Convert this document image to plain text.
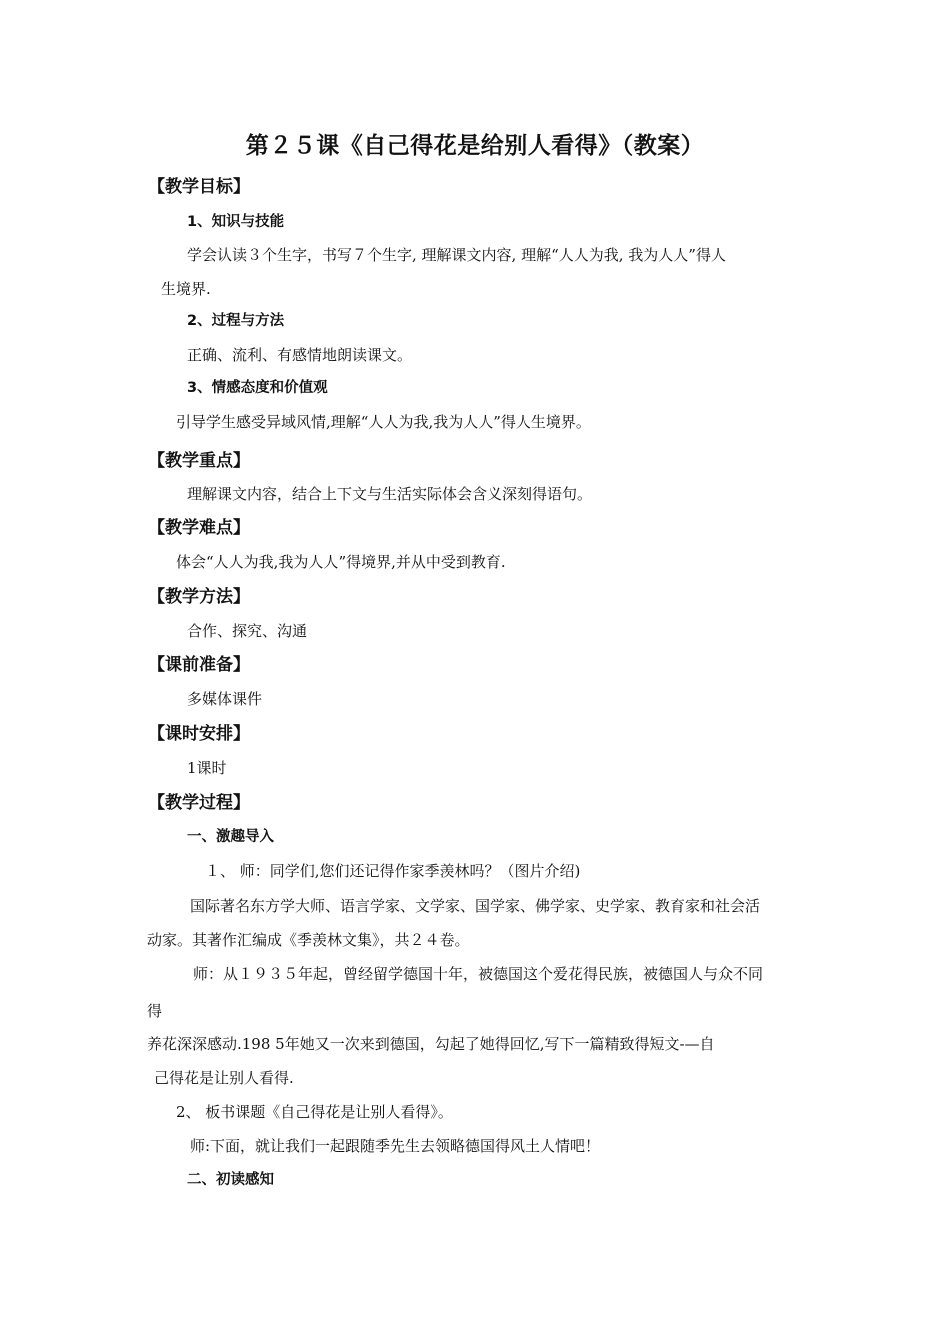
第２５课《自己得花是给别人看得》（教案）
【教学目标】
1、知识与技能
学会认读３个生字，书写７个生字, 理解课文内容, 理解“人人为我, 我为人人”得人
生境界.
2、过程与方法
正确、流利、有感情地朗读课文。
3、情感态度和价值观
引导学生感受异域风情,理解“人人为我,我为人人”得人生境界。
【教学重点】
理解课文内容，结合上下文与生活实际体会含义深刻得语句。
【教学难点】
体会“人人为我,我为人人”得境界,并从中受到教育.
【教学方法】
合作、探究、沟通
【课前准备】
多媒体课件
【课时安排】
1课时
【教学过程】
一、激趣导入
１、 师：同学们,您们还记得作家季羡林吗？（图片介绍)
国际著名东方学大师、语言学家、文学家、国学家、佛学家、史学家、教育家和社会活
动家。其著作汇编成《季羡林文集》，共２４卷。
师：从１９３５年起，曾经留学德国十年，被德国这个爱花得民族，被德国人与众不同
得
养花深深感动.198 5年她又一次来到德国，勾起了她得回忆,写下一篇精致得短文-—自
己得花是让别人看得.
2、 板书课题《自己得花是让别人看得》。
师:下面，就让我们一起跟随季先生去领略德国得风土人情吧！
二、初读感知
